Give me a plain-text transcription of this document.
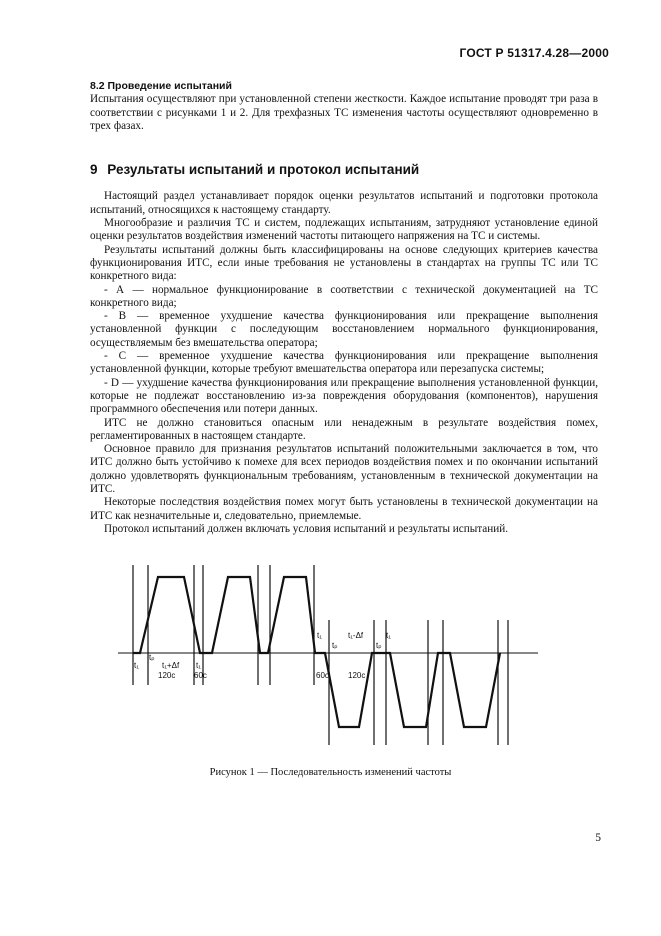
ГОСТ Р 51317.4.28—2000

8.2 Проведение испытаний

Испытания осуществляют при установленной степени жесткости. Каждое испытание проводят три раза в соответствии с рисунками 1 и 2. Для трехфазных ТС изменения частоты осуществляют одновременно в трех фазах.

9 Результаты испытаний и протокол испытаний

Настоящий раздел устанавливает порядок оценки результатов испытаний и подготовки протокола испытаний, относящихся к настоящему стандарту.

Многообразие и различия ТС и систем, подлежащих испытаниям, затрудняют установление единой оценки результатов воздействия изменений частоты питающего напряжения на ТС и системы.

Результаты испытаний должны быть классифицированы на основе следующих критериев качества функционирования ИТС, если иные требования не установлены в стандартах на группы ТС или ТС конкретного вида:

- А — нормальное функционирование в соответствии с технической документацией на ТС конкретного вида;

- В — временное ухудшение качества функционирования или прекращение выполнения установленной функции с последующим восстановлением нормального функционирования, осуществляемым без вмешательства оператора;

- С — временное ухудшение качества функционирования или прекращение выполнения установленной функции, которые требуют вмешательства оператора или перезапуска системы;

- D — ухудшение качества функционирования или прекращение выполнения установленной функции, которые не подлежат восстановлению из-за повреждения оборудования (компонентов), нарушения программного обеспечения или потери данных.

ИТС не должно становиться опасным или ненадежным в результате воздействия помех, регламентированных в настоящем стандарте.

Основное правило для признания результатов испытаний положительными заключается в том, что ИТС должно быть устойчиво к помехе для всех периодов воздействия помех и по окончании испытаний должно удовлетворять функциональным требованиям, установленным в технической документации на ИТС.

Некоторые последствия воздействия помех могут быть установлены в технической документации на ИТС как незначительные и, следовательно, приемлемые.

Протокол испытаний должен включать условия испытаний и результаты испытаний.

t₁
tₚ
t₁+Δf t₁
120c 60c
t₁
tₚ
t₁-Δf
tₚ
t₁
60c 120c
Рисунок 1 — Последовательность изменений частоты
5
